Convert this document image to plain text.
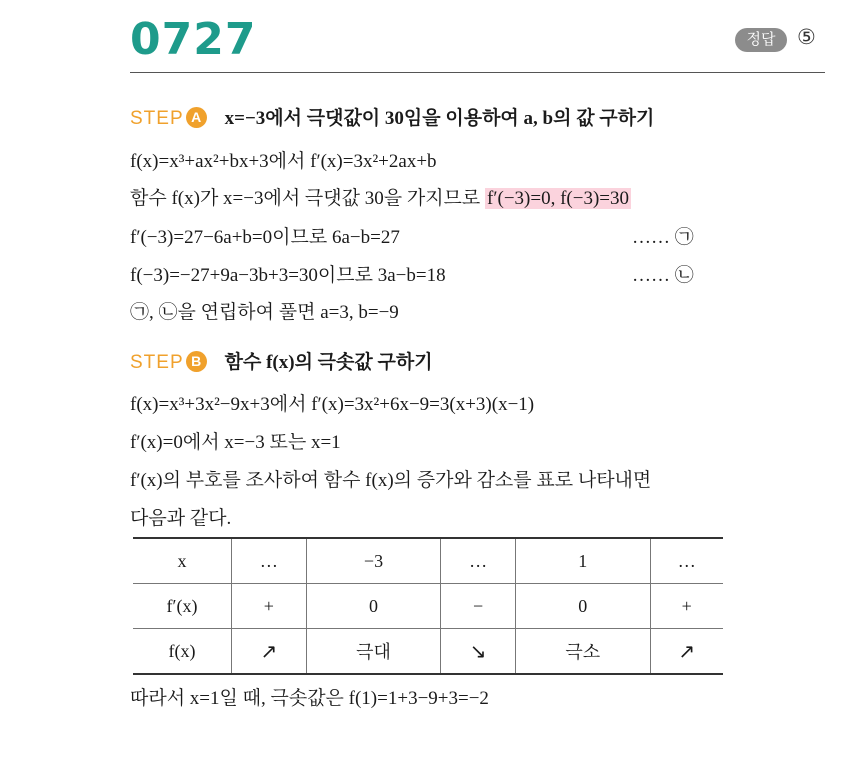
0727	정답	⑤
STEP A x=−3에서 극댓값이 30임을 이용하여 a, b의 값 구하기
f(x)=x³+ax²+bx+3에서 f′(x)=3x²+2ax+b
함수 f(x)가 x=−3에서 극댓값 30을 가지므로 f′(−3)=0, f(−3)=30
f′(−3)=27−6a+b=0이므로 6a−b=27	…… ㉠
f(−3)=−27+9a−3b+3=30이므로 3a−b=18	…… ㉡
㉠, ㉡을 연립하여 풀면 a=3, b=−9
STEP B 함수 f(x)의 극솟값 구하기
f(x)=x³+3x²−9x+3에서 f′(x)=3x²+6x−9=3(x+3)(x−1)
f′(x)=0에서 x=−3 또는 x=1
f′(x)의 부호를 조사하여 함수 f(x)의 증가와 감소를 표로 나타내면
다음과 같다.
x	…	−3	…	1	…
f′(x)	+	0	−	0	+
f(x)	↗	극대	↘	극소	↗
따라서 x=1일 때, 극솟값은 f(1)=1+3−9+3=−2
